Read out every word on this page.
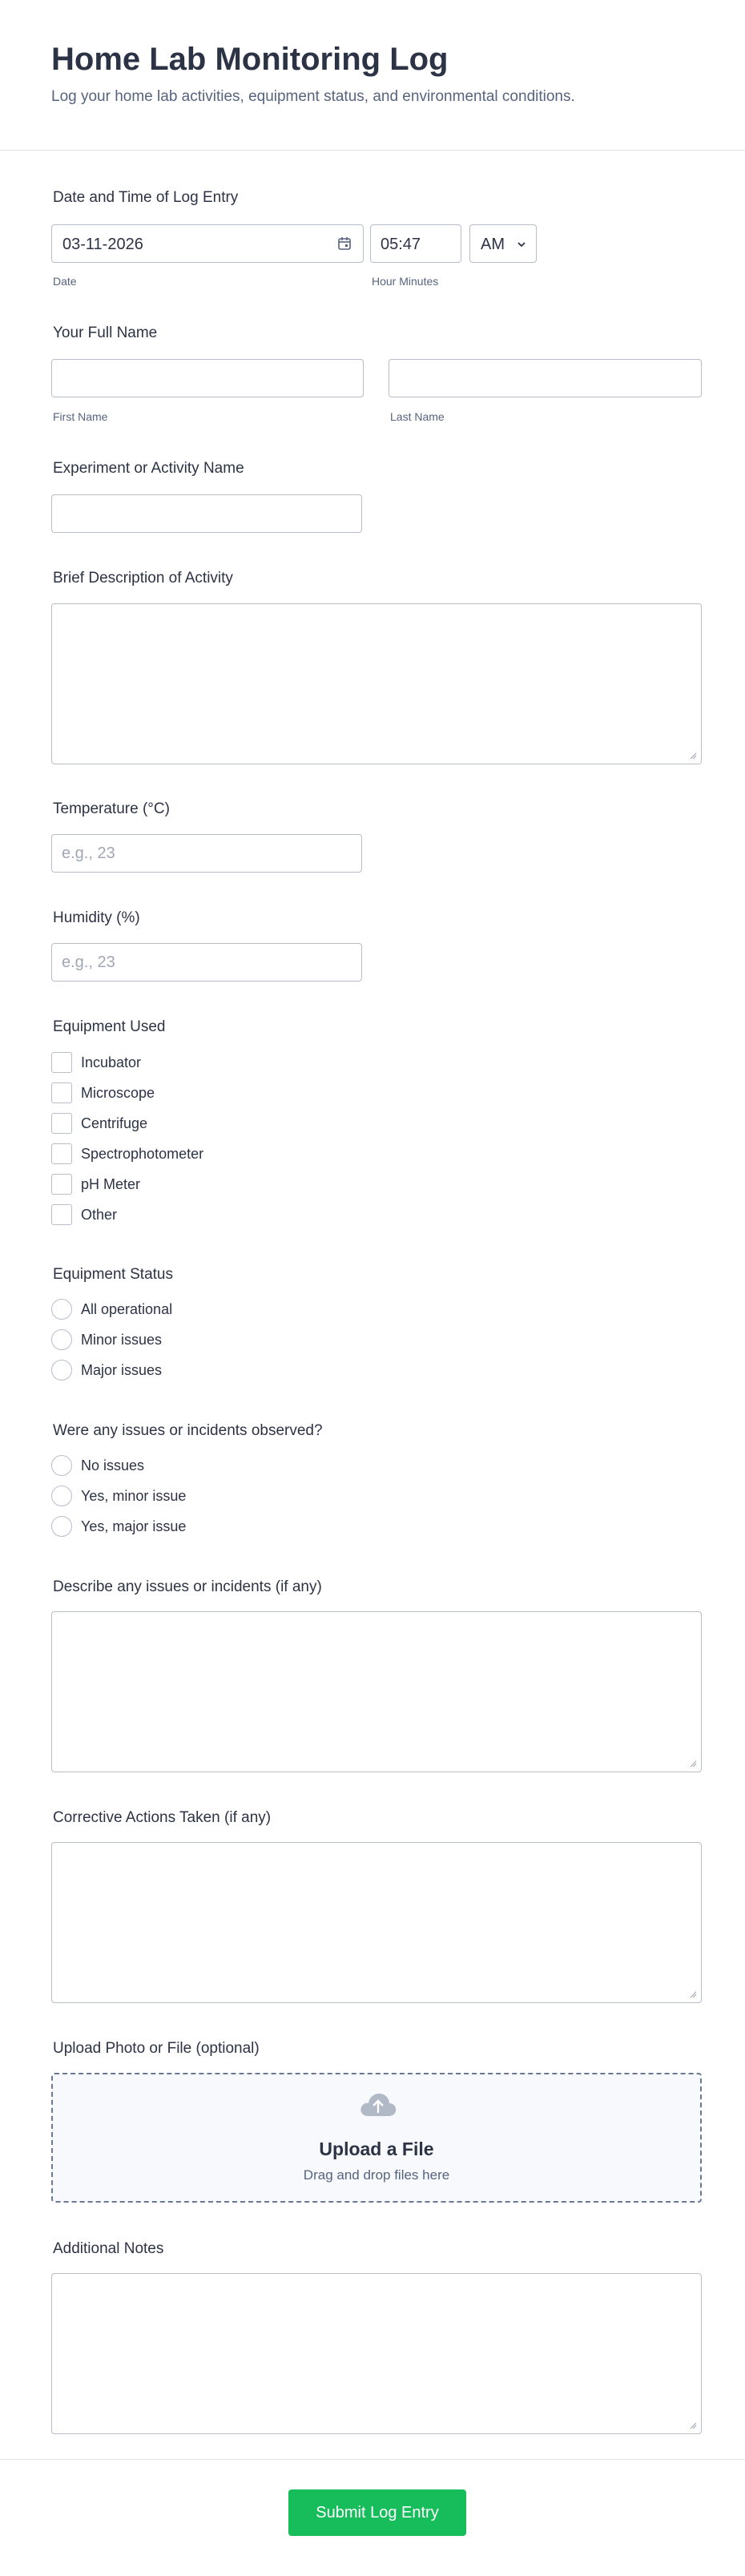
Home Lab Monitoring Log
Log your home lab activities, equipment status, and environmental conditions.
Date and Time of Log Entry
03-11-2026	05:47	AM
Date	Hour Minutes
Your Full Name
First Name	Last Name
Experiment or Activity Name
Brief Description of Activity
Temperature (°C)
e.g., 23
Humidity (%)
e.g., 23
Equipment Used
Incubator
Microscope
Centrifuge
Spectrophotometer
pH Meter
Other
Equipment Status
All operational
Minor issues
Major issues
Were any issues or incidents observed?
No issues
Yes, minor issue
Yes, major issue
Describe any issues or incidents (if any)
Corrective Actions Taken (if any)
Upload Photo or File (optional)
Upload a File
Drag and drop files here
Additional Notes
Submit Log Entry
